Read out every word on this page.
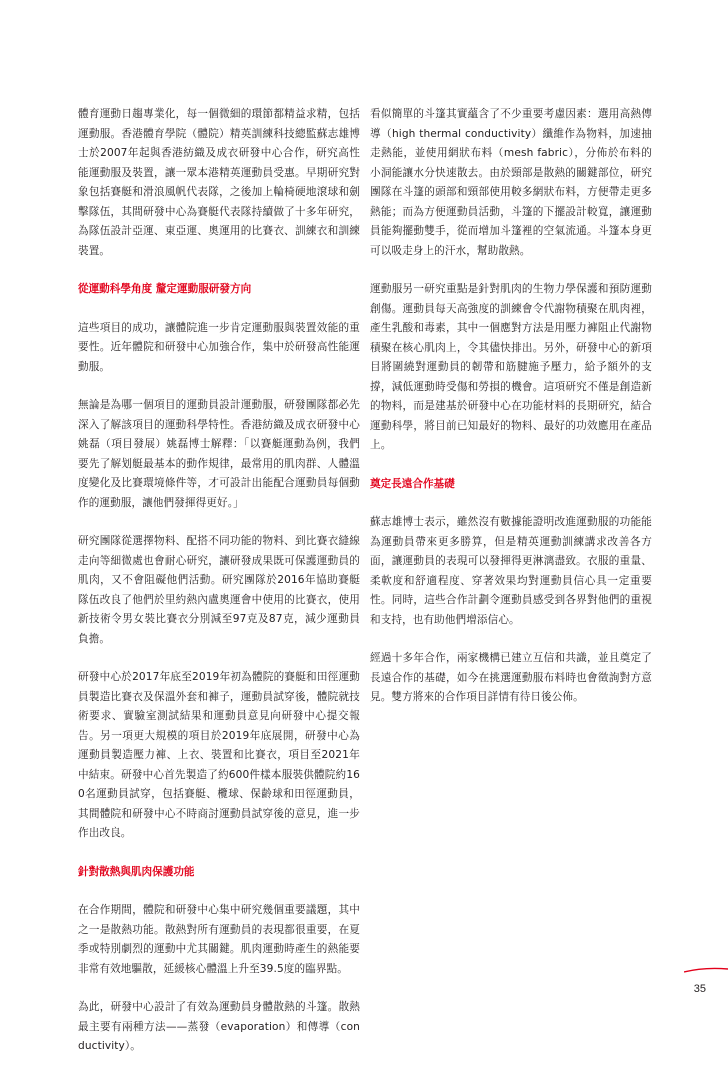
體育運動日趨專業化，每一個微細的環節都精益求精，包括運動服。香港體育學院（體院）精英訓練科技總監蘇志雄博士於2007年起與香港紡織及成衣研發中心合作，研究高性能運動服及裝置，讓一眾本港精英運動員受惠。早期研究對象包括賽艇和滑浪風帆代表隊，之後加上輪椅硬地滾球和劍擊隊伍，其間研發中心為賽艇代表隊持續做了十多年研究，為隊伍設計亞運、東亞運、奧運用的比賽衣、訓練衣和訓練裝置。

從運動科學角度 釐定運動服研發方向

這些項目的成功，讓體院進一步肯定運動服與裝置效能的重要性。近年體院和研發中心加強合作，集中於研發高性能運動服。

無論是為哪一個項目的運動員設計運動服，研發團隊都必先深入了解該項目的運動科學特性。香港紡織及成衣研發中心姚磊（項目發展）姚磊博士解釋：「以賽艇運動為例，我們要先了解划艇最基本的動作規律，最常用的肌肉群、人體溫度變化及比賽環境條件等，才可設計出能配合運動員每個動作的運動服，讓他們發揮得更好。」

研究團隊從選擇物料、配搭不同功能的物料、到比賽衣縫線走向等細微處也會耐心研究，讓研發成果既可保護運動員的肌肉，又不會阻礙他們活動。研究團隊於2016年協助賽艇隊伍改良了他們於里約熱內盧奧運會中使用的比賽衣，使用新技術令男女裝比賽衣分別減至97克及87克，減少運動員負擔。

研發中心於2017年底至2019年初為體院的賽艇和田徑運動員製造比賽衣及保溫外套和褲子，運動員試穿後，體院就技術要求、實驗室測試結果和運動員意見向研發中心提交報告。另一項更大規模的項目於2019年底展開，研發中心為運動員製造壓力褲、上衣、裝置和比賽衣，項目至2021年中結束。研發中心首先製造了約600件樣本服裝供體院約160名運動員試穿，包括賽艇、欖球、保齡球和田徑運動員，其間體院和研發中心不時商討運動員試穿後的意見，進一步作出改良。

針對散熱與肌肉保護功能

在合作期間，體院和研發中心集中研究幾個重要議題，其中之一是散熱功能。散熱對所有運動員的表現都很重要，在夏季或特別劇烈的運動中尤其關鍵。肌肉運動時產生的熱能要非常有效地驅散，延緩核心體溫上升至39.5度的臨界點。

為此，研發中心設計了有效為運動員身體散熱的斗篷。散熱最主要有兩種方法——蒸發（evaporation）和傳導（conductivity）。

看似簡單的斗篷其實蘊含了不少重要考慮因素：選用高熱傳導（high thermal conductivity）纖維作為物料，加速抽走熱能，並使用網狀布料（mesh fabric），分佈於布料的小洞能讓水分快速散去。由於頸部是散熱的關鍵部位，研究團隊在斗篷的頭部和頸部使用較多網狀布料，方便帶走更多熱能；而為方便運動員活動，斗篷的下擺設計較寬，讓運動員能夠擺動雙手，從而增加斗篷裡的空氣流通。斗篷本身更可以吸走身上的汗水，幫助散熱。

運動服另一研究重點是針對肌肉的生物力學保護和預防運動創傷。運動員每天高強度的訓練會令代謝物積聚在肌肉裡，產生乳酸和毒素，其中一個應對方法是用壓力褲阻止代謝物積聚在核心肌肉上，令其儘快排出。另外，研發中心的新項目將圍繞對運動員的韌帶和筋腱施予壓力，給予額外的支撐，減低運動時受傷和勞損的機會。這項研究不僅是創造新的物料，而是建基於研發中心在功能材料的長期研究，結合運動科學，將目前已知最好的物料、最好的功效應用在產品上。

奠定長遠合作基礎

蘇志雄博士表示，雖然沒有數據能證明改進運動服的功能能為運動員帶來更多勝算，但是精英運動訓練講求改善各方面，讓運動員的表現可以發揮得更淋漓盡致。衣服的重量、柔軟度和舒適程度、穿著效果均對運動員信心具一定重要性。同時，這些合作計劃令運動員感受到各界對他們的重視和支持，也有助他們增添信心。

經過十多年合作，兩家機構已建立互信和共識，並且奠定了長遠合作的基礎，如今在挑選運動服布料時也會徵詢對方意見。雙方將來的合作項目詳情有待日後公佈。

35
